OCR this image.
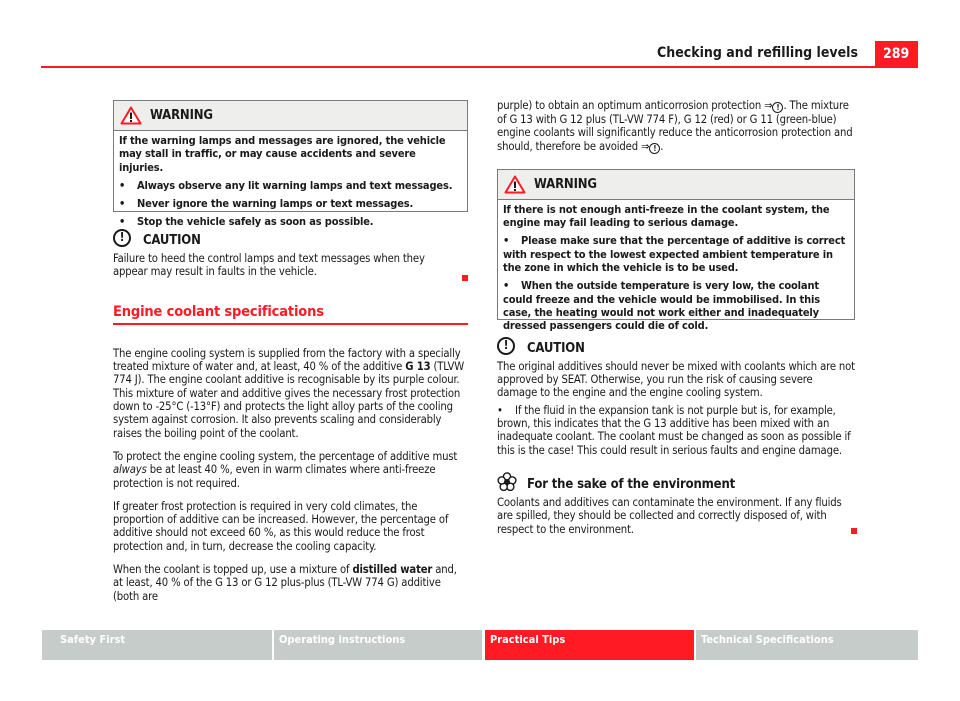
Checking and refilling levels	289
WARNING

If the warning lamps and messages are ignored, the vehicle may stall in traffic, or may cause accidents and severe injuries.

• Always observe any lit warning lamps and text messages.

• Never ignore the warning lamps or text messages.

• Stop the vehicle safely as soon as possible.

!	CAUTION

Failure to heed the control lamps and text messages when they appear may result in faults in the vehicle.

Engine coolant specifications

The engine cooling system is supplied from the factory with a specially treated mixture of water and, at least, 40 % of the additive G 13 (TLVW 774 J). The engine coolant additive is recognisable by its purple colour. This mixture of water and additive gives the necessary frost protection down to -25°C (-13°F) and protects the light alloy parts of the cooling system against corrosion. It also prevents scaling and considerably raises the boiling point of the coolant.

To protect the engine cooling system, the percentage of additive must always be at least 40 %, even in warm climates where anti-freeze protection is not required.

If greater frost protection is required in very cold climates, the proportion of additive can be increased. However, the percentage of additive should not exceed 60 %, as this would reduce the frost protection and, in turn, decrease the cooling capacity.

When the coolant is topped up, use a mixture of distilled water and, at least, 40 % of the G 13 or G 12 plus-plus (TL-VW 774 G) additive (both are

purple) to obtain an optimum anticorrosion protection ⇒ ! . The mixture of G 13 with G 12 plus (TL-VW 774 F), G 12 (red) or G 11 (green-blue) engine coolants will significantly reduce the anticorrosion protection and should, therefore be avoided ⇒ ! .

WARNING

If there is not enough anti-freeze in the coolant system, the engine may fail leading to serious damage.

• Please make sure that the percentage of additive is correct with respect to the lowest expected ambient temperature in the zone in which the vehicle is to be used.

• When the outside temperature is very low, the coolant could freeze and the vehicle would be immobilised. In this case, the heating would not work either and inadequately dressed passengers could die of cold.

!	CAUTION

The original additives should never be mixed with coolants which are not approved by SEAT. Otherwise, you run the risk of causing severe damage to the engine and the engine cooling system.

• If the fluid in the expansion tank is not purple but is, for example, brown, this indicates that the G 13 additive has been mixed with an inadequate coolant. The coolant must be changed as soon as possible if this is the case! This could result in serious faults and engine damage.

For the sake of the environment

Coolants and additives can contaminate the environment. If any fluids are spilled, they should be collected and correctly disposed of, with respect to the environment.

Safety First	Operating instructions	Practical Tips	Technical Specifications
